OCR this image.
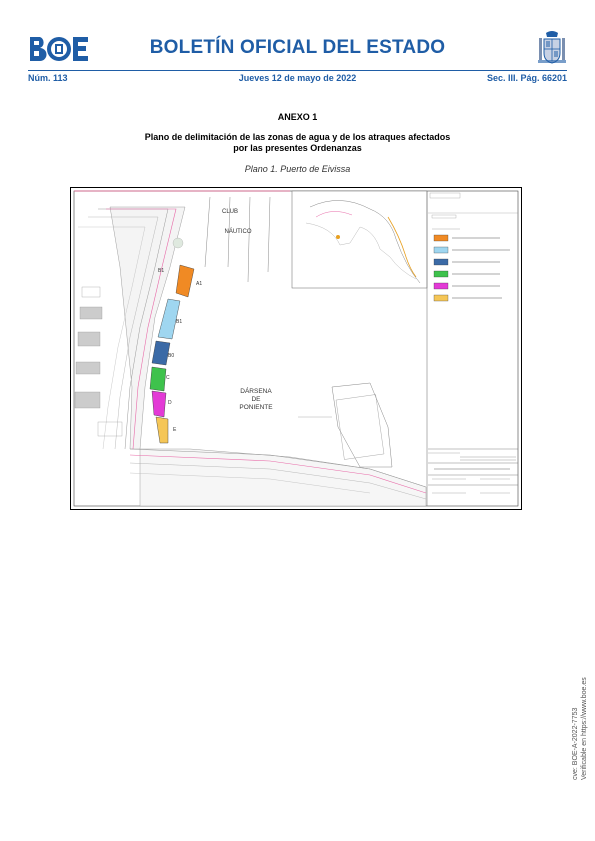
BOLETÍN OFICIAL DEL ESTADO
Núm. 113	Jueves 12 de mayo de 2022	Sec. III. Pág. 66201
ANEXO 1
Plano de delimitación de las zonas de agua y de los atraques afectados
por las presentes Ordenanzas
Plano 1. Puerto de Eivissa
CLUB
NÁUTICO
B1
A1
B1
B0
C
D
E
DÁRSENA
DE
PONIENTE
cve: BOE-A-2022-7753 Verificable en https://www.boe.es
